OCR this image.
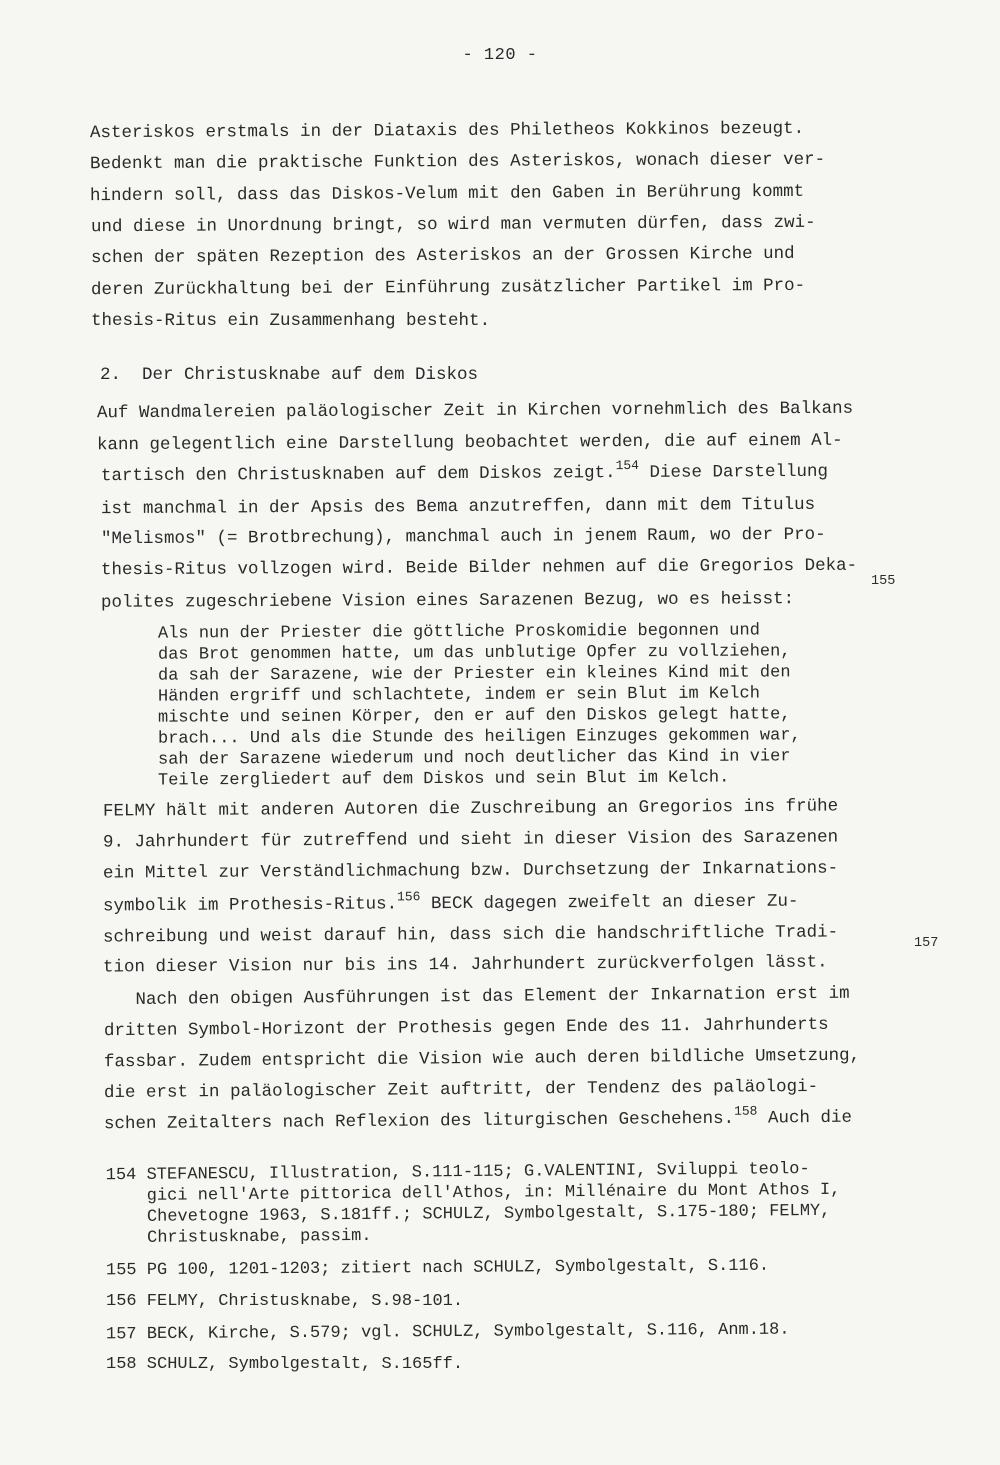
- 120 -
Asteriskos erstmals in der Diataxis des Philetheos Kokkinos bezeugt.
Bedenkt man die praktische Funktion des Asteriskos, wonach dieser ver-
hindern soll, dass das Diskos-Velum mit den Gaben in Berührung kommt
und diese in Unordnung bringt, so wird man vermuten dürfen, dass zwi-
schen der späten Rezeption des Asteriskos an der Grossen Kirche und
deren Zurückhaltung bei der Einführung zusätzlicher Partikel im Pro-
thesis-Ritus ein Zusammenhang besteht.
2.  Der Christusknabe auf dem Diskos
Auf Wandmalereien paläologischer Zeit in Kirchen vornehmlich des Balkans
kann gelegentlich eine Darstellung beobachtet werden, die auf einem Al-
tartisch den Christusknaben auf dem Diskos zeigt.$^{154}$ Diese Darstellung
ist manchmal in der Apsis des Bema anzutreffen, dann mit dem Titulus
"Melismos" (= Brotbrechung), manchmal auch in jenem Raum, wo der Pro-
thesis-Ritus vollzogen wird. Beide Bilder nehmen auf die Gregorios Deka-
polites zugeschriebene Vision eines Sarazenen Bezug, wo es heisst:
155
Als nun der Priester die göttliche Proskomidie begonnen und
das Brot genommen hatte, um das unblutige Opfer zu vollziehen,
da sah der Sarazene, wie der Priester ein kleines Kind mit den
Händen ergriff und schlachtete, indem er sein Blut im Kelch
mischte und seinen Körper, den er auf den Diskos gelegt hatte,
brach... Und als die Stunde des heiligen Einzuges gekommen war,
sah der Sarazene wiederum und noch deutlicher das Kind in vier
Teile zergliedert auf dem Diskos und sein Blut im Kelch.
FELMY hält mit anderen Autoren die Zuschreibung an Gregorios ins frühe
9. Jahrhundert für zutreffend und sieht in dieser Vision des Sarazenen
ein Mittel zur Verständlichmachung bzw. Durchsetzung der Inkarnations-
symbolik im Prothesis-Ritus.$^{156}$ BECK dagegen zweifelt an dieser Zu-
schreibung und weist darauf hin, dass sich die handschriftliche Tradi-
tion dieser Vision nur bis ins 14. Jahrhundert zurückverfolgen lässt.
157
Nach den obigen Ausführungen ist das Element der Inkarnation erst im
dritten Symbol-Horizont der Prothesis gegen Ende des 11. Jahrhunderts
fassbar. Zudem entspricht die Vision wie auch deren bildliche Umsetzung,
die erst in paläologischer Zeit auftritt, der Tendenz des paläologi-
schen Zeitalters nach Reflexion des liturgischen Geschehens.$^{158}$ Auch die
154 STEFANESCU, Illustration, S.111-115; G.VALENTINI, Sviluppi teolo-
gici nell'Arte pittorica dell'Athos, in: Millénaire du Mont Athos I,
Chevetogne 1963, S.181ff.; SCHULZ, Symbolgestalt, S.175-180; FELMY,
Christusknabe, passim.
155 PG 100, 1201-1203; zitiert nach SCHULZ, Symbolgestalt, S.116.
156 FELMY, Christusknabe, S.98-101.
157 BECK, Kirche, S.579; vgl. SCHULZ, Symbolgestalt, S.116, Anm.18.
158 SCHULZ, Symbolgestalt, S.165ff.
